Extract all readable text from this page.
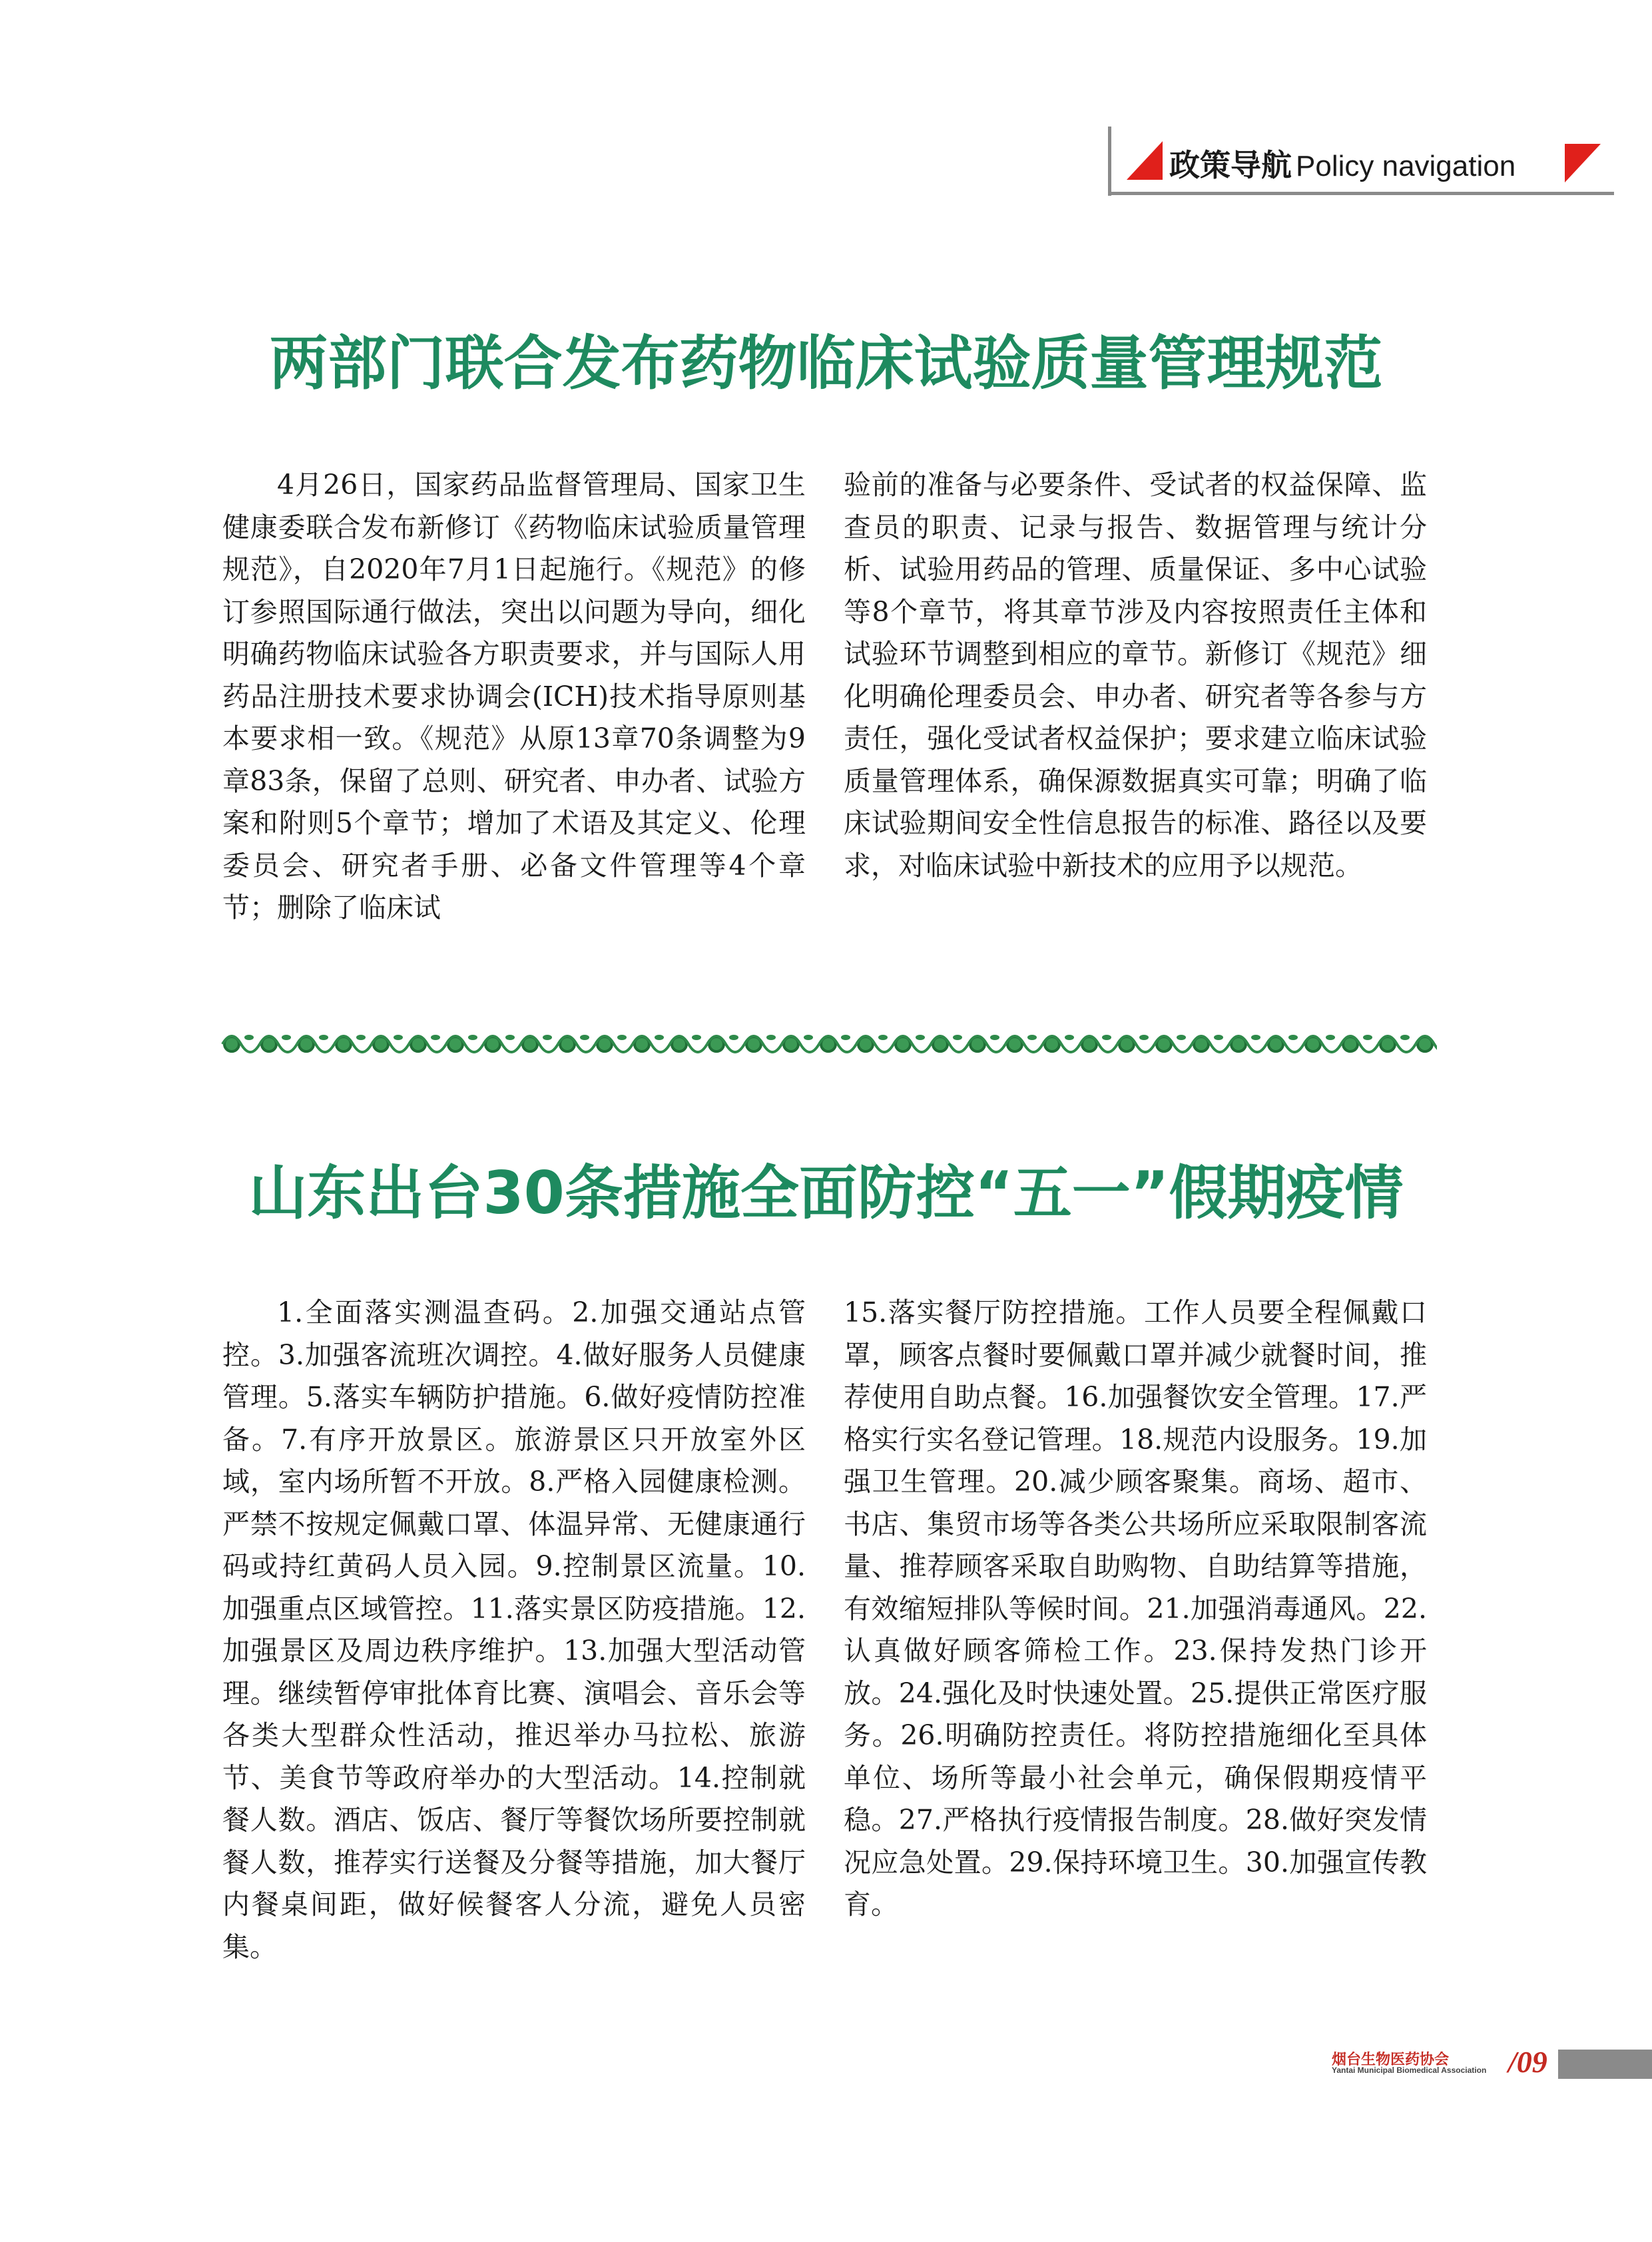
政策导航 Policy navigation
两部门联合发布药物临床试验质量管理规范

4月26日，国家药品监督管理局、国家卫生健康委联合发布新修订《药物临床试验质量管理规范》，自2020年7月1日起施行。《规范》的修订参照国际通行做法，突出以问题为导向，细化明确药物临床试验各方职责要求，并与国际人用药品注册技术要求协调会(ICH)技术指导原则基本要求相一致。《规范》从原13章70条调整为9章83条，保留了总则、研究者、申办者、试验方案和附则5个章节；增加了术语及其定义、伦理委员会、研究者手册、必备文件管理等4个章节；删除了临床试

验前的准备与必要条件、受试者的权益保障、监查员的职责、记录与报告、数据管理与统计分析、试验用药品的管理、质量保证、多中心试验等8个章节，将其章节涉及内容按照责任主体和试验环节调整到相应的章节。新修订《规范》细化明确伦理委员会、申办者、研究者等各参与方责任，强化受试者权益保护；要求建立临床试验质量管理体系，确保源数据真实可靠；明确了临床试验期间安全性信息报告的标准、路径以及要求，对临床试验中新技术的应用予以规范。

山东出台30条措施全面防控“五一”假期疫情

1.全面落实测温查码。2.加强交通站点管控。3.加强客流班次调控。4.做好服务人员健康管理。5.落实车辆防护措施。6.做好疫情防控准备。7.有序开放景区。旅游景区只开放室外区域，室内场所暂不开放。8.严格入园健康检测。严禁不按规定佩戴口罩、体温异常、无健康通行码或持红黄码人员入园。9.控制景区流量。10.加强重点区域管控。11.落实景区防疫措施。12.加强景区及周边秩序维护。13.加强大型活动管理。继续暂停审批体育比赛、演唱会、音乐会等各类大型群众性活动，推迟举办马拉松、旅游节、美食节等政府举办的大型活动。14.控制就餐人数。酒店、饭店、餐厅等餐饮场所要控制就餐人数，推荐实行送餐及分餐等措施，加大餐厅内餐桌间距，做好候餐客人分流，避免人员密集。

15.落实餐厅防控措施。工作人员要全程佩戴口罩，顾客点餐时要佩戴口罩并减少就餐时间，推荐使用自助点餐。16.加强餐饮安全管理。17.严格实行实名登记管理。18.规范内设服务。19.加强卫生管理。20.减少顾客聚集。商场、超市、书店、集贸市场等各类公共场所应采取限制客流量、推荐顾客采取自助购物、自助结算等措施，有效缩短排队等候时间。21.加强消毒通风。22.认真做好顾客筛检工作。23.保持发热门诊开放。24.强化及时快速处置。25.提供正常医疗服务。26.明确防控责任。将防控措施细化至具体单位、场所等最小社会单元，确保假期疫情平稳。27.严格执行疫情报告制度。28.做好突发情况应急处置。29.保持环境卫生。30.加强宣传教育。

烟台生物医药协会
Yantai Municipal Biomedical Association /09
